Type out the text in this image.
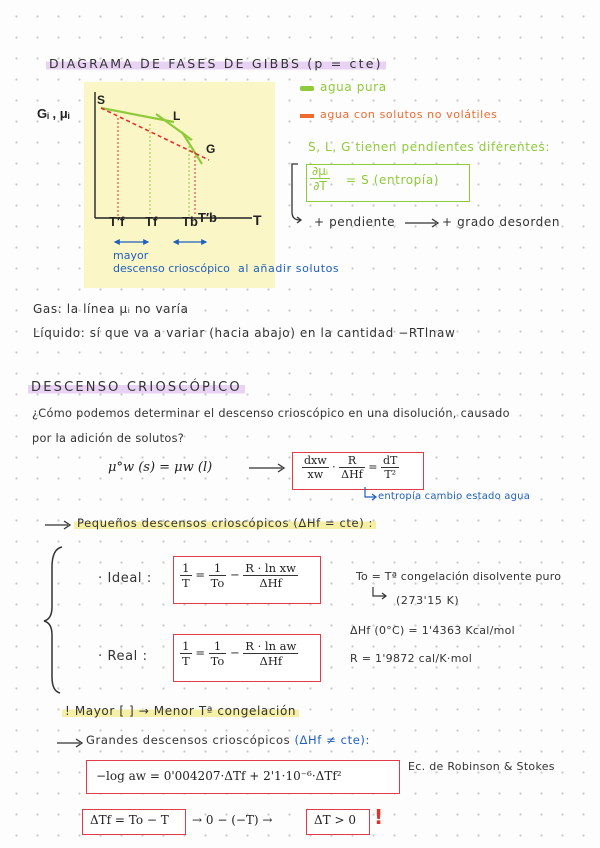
DIAGRAMA DE FASES DE GIBBS (p = cte)
Gᵢ , μᵢ
S
L
G
T
T′f Tf Tb T′b
mayor
descenso crioscópico al añadir solutos
agua pura
agua con solutos no volátiles
S, L, G tienen pendientes diferentes:
$\frac{\text{∂μᵢ}}{\partial T} = S$ (entropía)
+ pendiente	+ grado desorden
Gas: la línea μᵢ no varía
Líquido: sí que va a variar (hacia abajo) en la cantidad −RTlnaw
DESCENSO CRIOSCÓPICO
¿Cómo podemos determinar el descenso crioscópico en una disolución, causado
por la adición de solutos?
μ°w (s) = μw (l)	$\frac{\text{dxw}}{xw} \cdot \frac{R}{\text{ΔHf}} = \frac{dT}{\text{T²}}$
entropía cambio estado agua
Pequeños descensos crioscópicos (ΔHf = cte) :
· Ideal : $\frac{1}{T} = \frac{1}{To} - \frac{\text{R · ln xw}}{\text{ΔHf}}$
· Real :	$\frac{1}{T} = \frac{1}{To} - \frac{\text{R · ln aw}}{\text{ΔHf}}$
To = Tª congelación disolvente puro
(273'15 K)
ΔHf (0°C) = 1'4363 Kcal/mol
R = 1'9872 cal/K·mol
! Mayor [ ] → Menor Tª congelación
Grandes descensos crioscópicos (ΔHf ≠ cte):
−log aw = 0'004207·ΔTf + 2'1·10⁻⁶·ΔTf²
Ec. de Robinson & Stokes
ΔTf = To − T → 0 − (−T) →	ΔT > 0 !
